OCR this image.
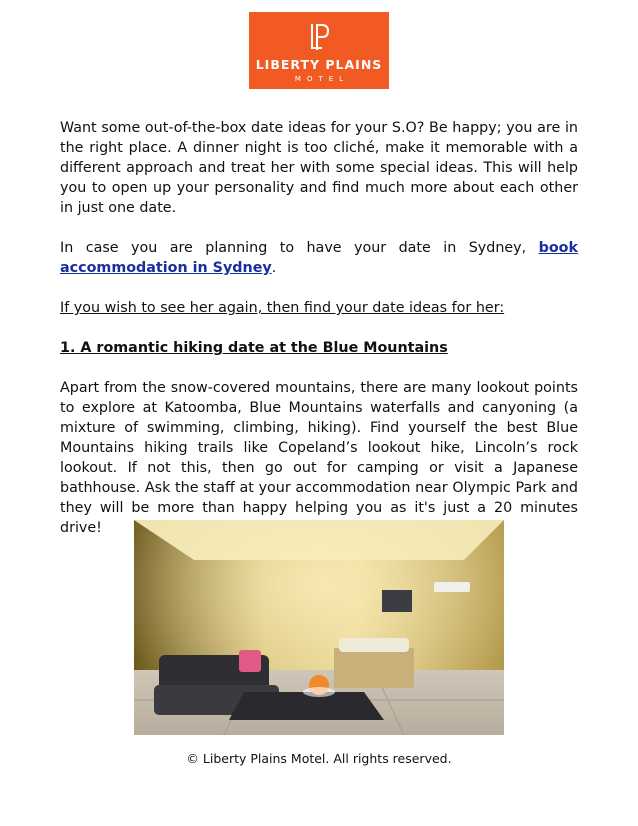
LIBERTY PLAINS
MOTEL

Want some out-of-the-box date ideas for your S.O? Be happy; you are in the right place. A dinner night is too cliché, make it memorable with a different approach and treat her with some special ideas. This will help you to open up your personality and find much more about each other in just one date.

In case you are planning to have your date in Sydney, book accommodation in Sydney.

If you wish to see her again, then find your date ideas for her:

1. A romantic hiking date at the Blue Mountains

Apart from the snow-covered mountains, there are many lookout points to explore at Katoomba, Blue Mountains waterfalls and canyoning (a mixture of swimming, climbing, hiking). Find yourself the best Blue Mountains hiking trails like Copeland’s lookout hike, Lincoln’s rock lookout. If not this, then go out for camping or visit a Japanese bathhouse. Ask the staff at your accommodation near Olympic Park and they will be more than happy helping you as it's just a 20 minutes drive!

© Liberty Plains Motel. All rights reserved.
